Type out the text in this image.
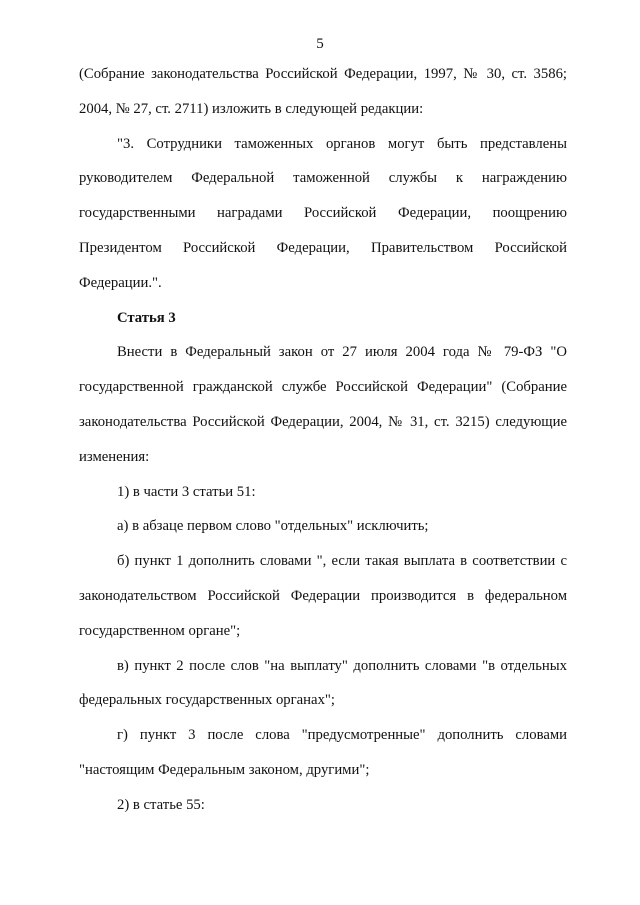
5

(Собрание законодательства Российской Федерации, 1997, № 30, ст. 3586; 2004, № 27, ст. 2711) изложить в следующей редакции:

"3. Сотрудники таможенных органов могут быть представлены руководителем Федеральной таможенной службы к награждению государственными наградами Российской Федерации, поощрению Президентом Российской Федерации, Правительством Российской Федерации.".

Статья 3

Внести в Федеральный закон от 27 июля 2004 года № 79-ФЗ "О государственной гражданской службе Российской Федерации" (Собрание законодательства Российской Федерации, 2004, № 31, ст. 3215) следующие изменения:

1) в части 3 статьи 51:

а) в абзаце первом слово "отдельных" исключить;

б) пункт 1 дополнить словами ", если такая выплата в соответствии с законодательством Российской Федерации производится в федеральном государственном органе";

в) пункт 2 после слов "на выплату" дополнить словами "в отдельных федеральных государственных органах";

г) пункт 3 после слова "предусмотренные" дополнить словами "настоящим Федеральным законом, другими";

2) в статье 55:
